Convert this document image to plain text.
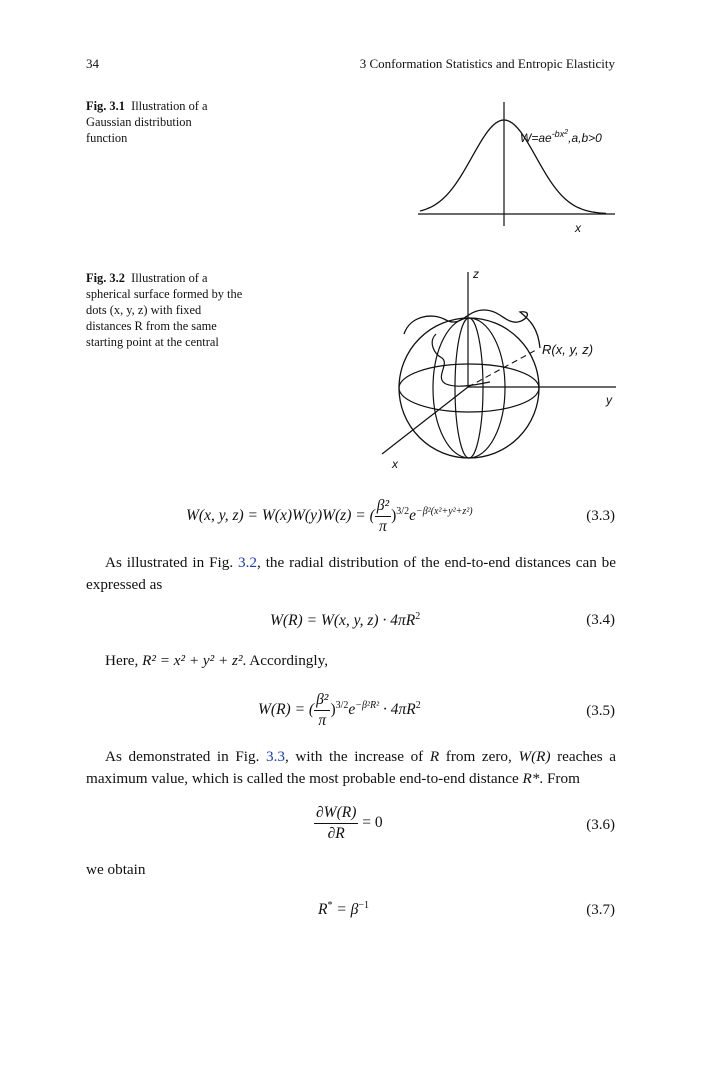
34	3 Conformation Statistics and Entropic Elasticity
Fig. 3.1 Illustration of a Gaussian distribution function	$W=ae^{-bx2},a,b>0$
x
Fig. 3.2 Illustration of a spherical surface formed by the dots (x, y, z) with fixed distances R from the same starting point at the central	R(x, y, z)
z
y
x
W(x, y, z) = W(x)W(y)W(z) = ( $\frac{\text{β²}}{\pi} )^{3/2}e^{-\beta^2(x^2+y^2+z^2)}$	(3.3)
As illustrated in Fig. 3.2, the radial distribution of the end-to-end distances can be expressed as
W(R) = W(x, y, $z) \cdot 4\pi R^2$	(3.4)
Here, R² = x² + y² + z². Accordingly,
W(R) = ( $\frac{\text{β²}}{\pi} )^{3/2}e^{-\beta^2R^2} \cdot 4\pi R^2$	(3.5)
As demonstrated in Fig. 3.3, with the increase of R from zero, W(R) reaches a maximum value, which is called the most probable end-to-end distance R*. From
$\frac{\partial W(R)}{\partial R} = 0$	(3.6)
we obtain
$R^* = \beta^{-1}$	(3.7)
